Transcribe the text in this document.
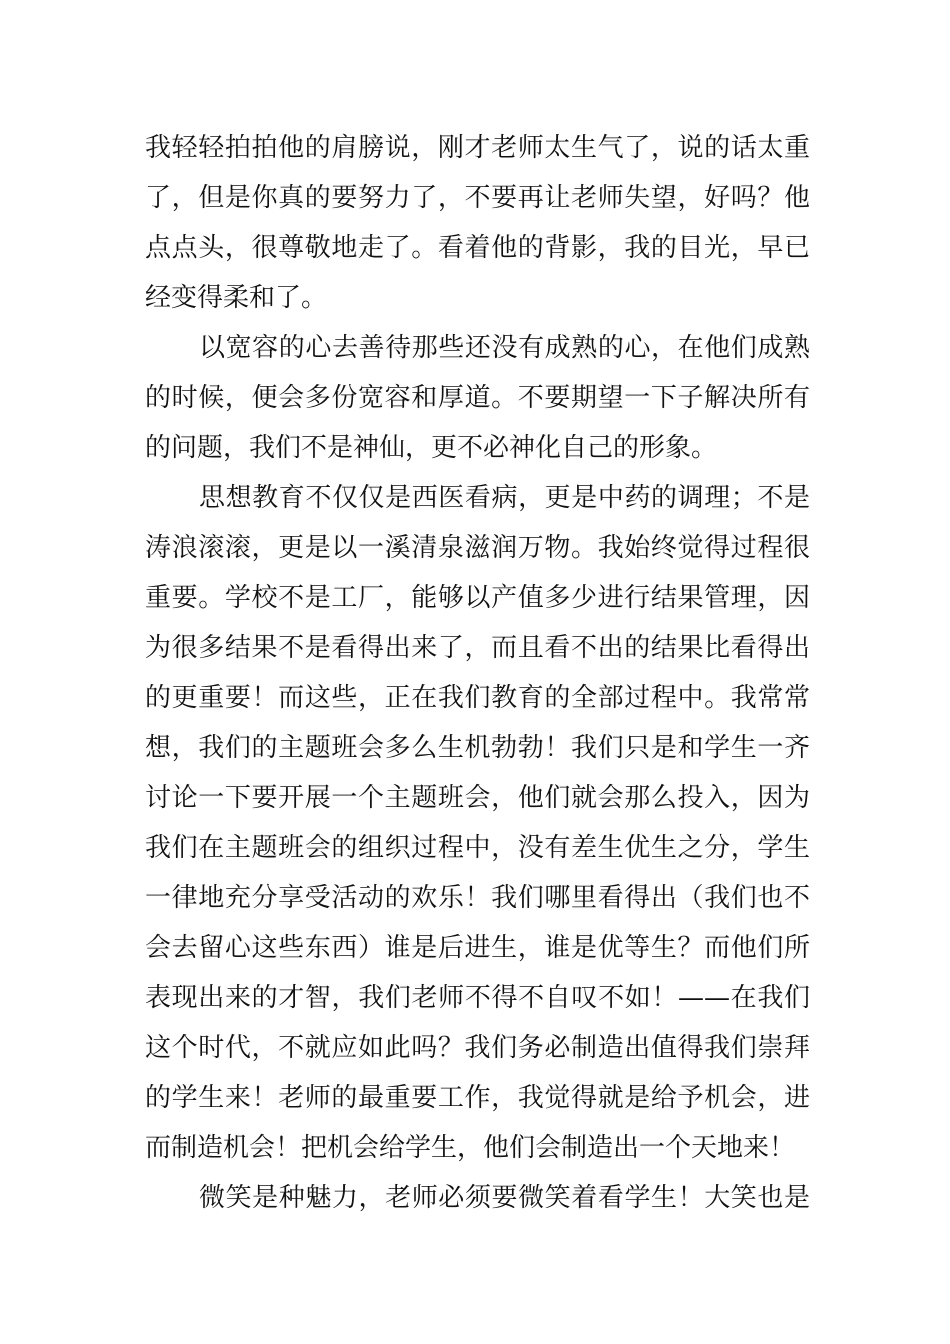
我轻轻拍拍他的肩膀说，刚才老师太生气了，说的话太重
了，但是你真的要努力了，不要再让老师失望，好吗？他
点点头，很尊敬地走了。看着他的背影，我的目光，早已
经变得柔和了。
以宽容的心去善待那些还没有成熟的心，在他们成熟
的时候，便会多份宽容和厚道。不要期望一下子解决所有
的问题，我们不是神仙，更不必神化自己的形象。
思想教育不仅仅是西医看病，更是中药的调理；不是
涛浪滚滚，更是以一溪清泉滋润万物。我始终觉得过程很
重要。学校不是工厂，能够以产值多少进行结果管理，因
为很多结果不是看得出来了，而且看不出的结果比看得出
的更重要！而这些，正在我们教育的全部过程中。我常常
想，我们的主题班会多么生机勃勃！我们只是和学生一齐
讨论一下要开展一个主题班会，他们就会那么投入，因为
我们在主题班会的组织过程中，没有差生优生之分，学生
一律地充分享受活动的欢乐！我们哪里看得出（我们也不
会去留心这些东西）谁是后进生，谁是优等生？而他们所
表现出来的才智，我们老师不得不自叹不如！——在我们
这个时代，不就应如此吗？我们务必制造出值得我们崇拜
的学生来！老师的最重要工作，我觉得就是给予机会，进
而制造机会！把机会给学生，他们会制造出一个天地来！
微笑是种魅力，老师必须要微笑着看学生！大笑也是
